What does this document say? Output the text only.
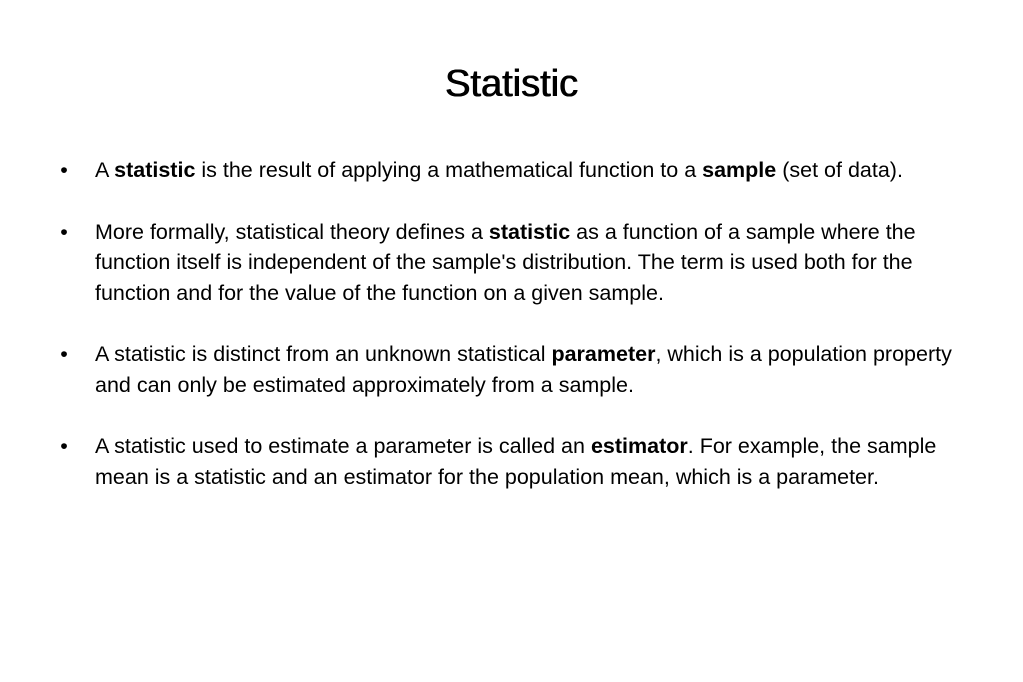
Statistic
• A statistic is the result of applying a mathematical function to a sample (set of data).
• More formally, statistical theory defines a statistic as a function of a sample where the function itself is independent of the sample's distribution. The term is used both for the function and for the value of the function on a given sample.
• A statistic is distinct from an unknown statistical parameter, which is a population property and can only be estimated approximately from a sample.
• A statistic used to estimate a parameter is called an estimator. For example, the sample mean is a statistic and an estimator for the population mean, which is a parameter.
